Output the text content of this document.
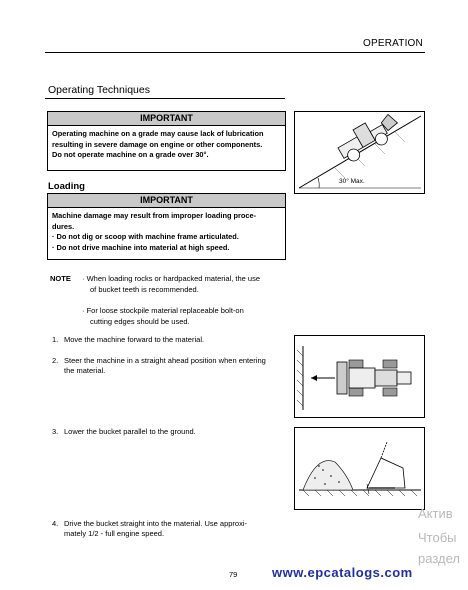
OPERATION
Operating Techniques
IMPORTANT

Operating machine on a grade may cause lack of lubrication

resulting in severe damage on engine or other components.

Do not operate machine on a grade over 30°.

30° Max.
Loading
IMPORTANT

Machine damage may result from improper loading proce-

dures.

· Do not dig or scoop with machine frame articulated.

· Do not drive machine into material at high speed.

NOTE · When loading rocks or hardpacked material, the use
of bucket teeth is recommended.
· For loose stockpile material replaceable bolt-on
cutting edges should be used.
1. Move the machine forward to the material.
2. Steer the machine in a straight ahead position when entering
the material.
3. Lower the bucket parallel to the ground.
4. Drive the bucket straight into the material. Use approxi-
mately 1/2 - full engine speed.
79	www.epcatalogs.com
Актив
Чтобы
раздел
